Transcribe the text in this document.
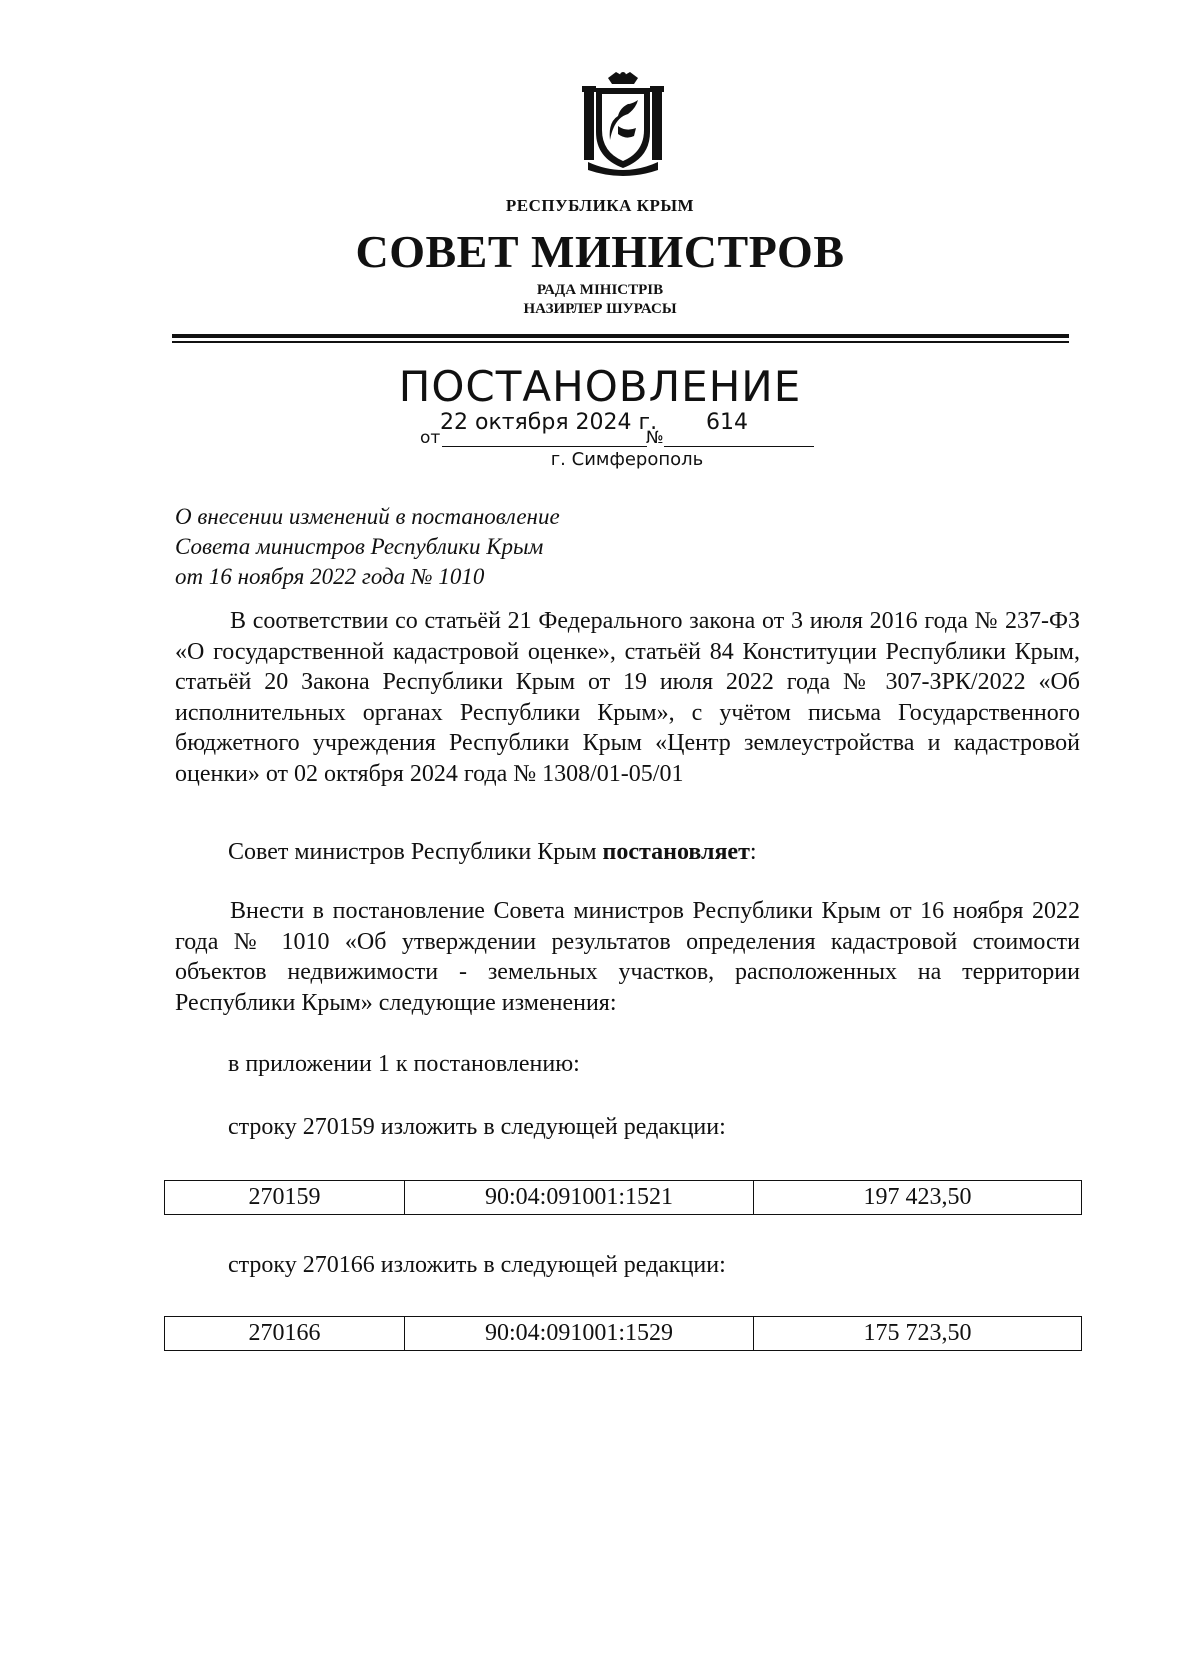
РЕСПУБЛИКА КРЫМ
СОВЕТ МИНИСТРОВ
РАДА МІНІСТРІВ
НАЗИРЛЕР ШУРАСЫ
ПОСТАНОВЛЕНИЕ
от
22 октября 2024 г.
№
614
г. Симферополь
О внесении изменений в постановление
Совета министров Республики Крым
от 16 ноября 2022 года № 1010
В соответствии со статьёй 21 Федерального закона от 3 июля 2016 года № 237-ФЗ «О государственной кадастровой оценке», статьёй 84 Конституции Республики Крым, статьёй 20 Закона Республики Крым от 19 июля 2022 года № 307-ЗРК/2022 «Об исполнительных органах Республики Крым», с учётом письма Государственного бюджетного учреждения Республики Крым «Центр землеустройства и кадастровой оценки» от 02 октября 2024 года № 1308/01-05/01
Совет министров Республики Крым постановляет:
Внести в постановление Совета министров Республики Крым от 16 ноября 2022 года № 1010 «Об утверждении результатов определения кадастровой стоимости объектов недвижимости - земельных участков, расположенных на территории Республики Крым» следующие изменения:
в приложении 1 к постановлению:
строку 270159 изложить в следующей редакции:
270159	90:04:091001:1521	197 423,50
строку 270166 изложить в следующей редакции:
270166	90:04:091001:1529	175 723,50
